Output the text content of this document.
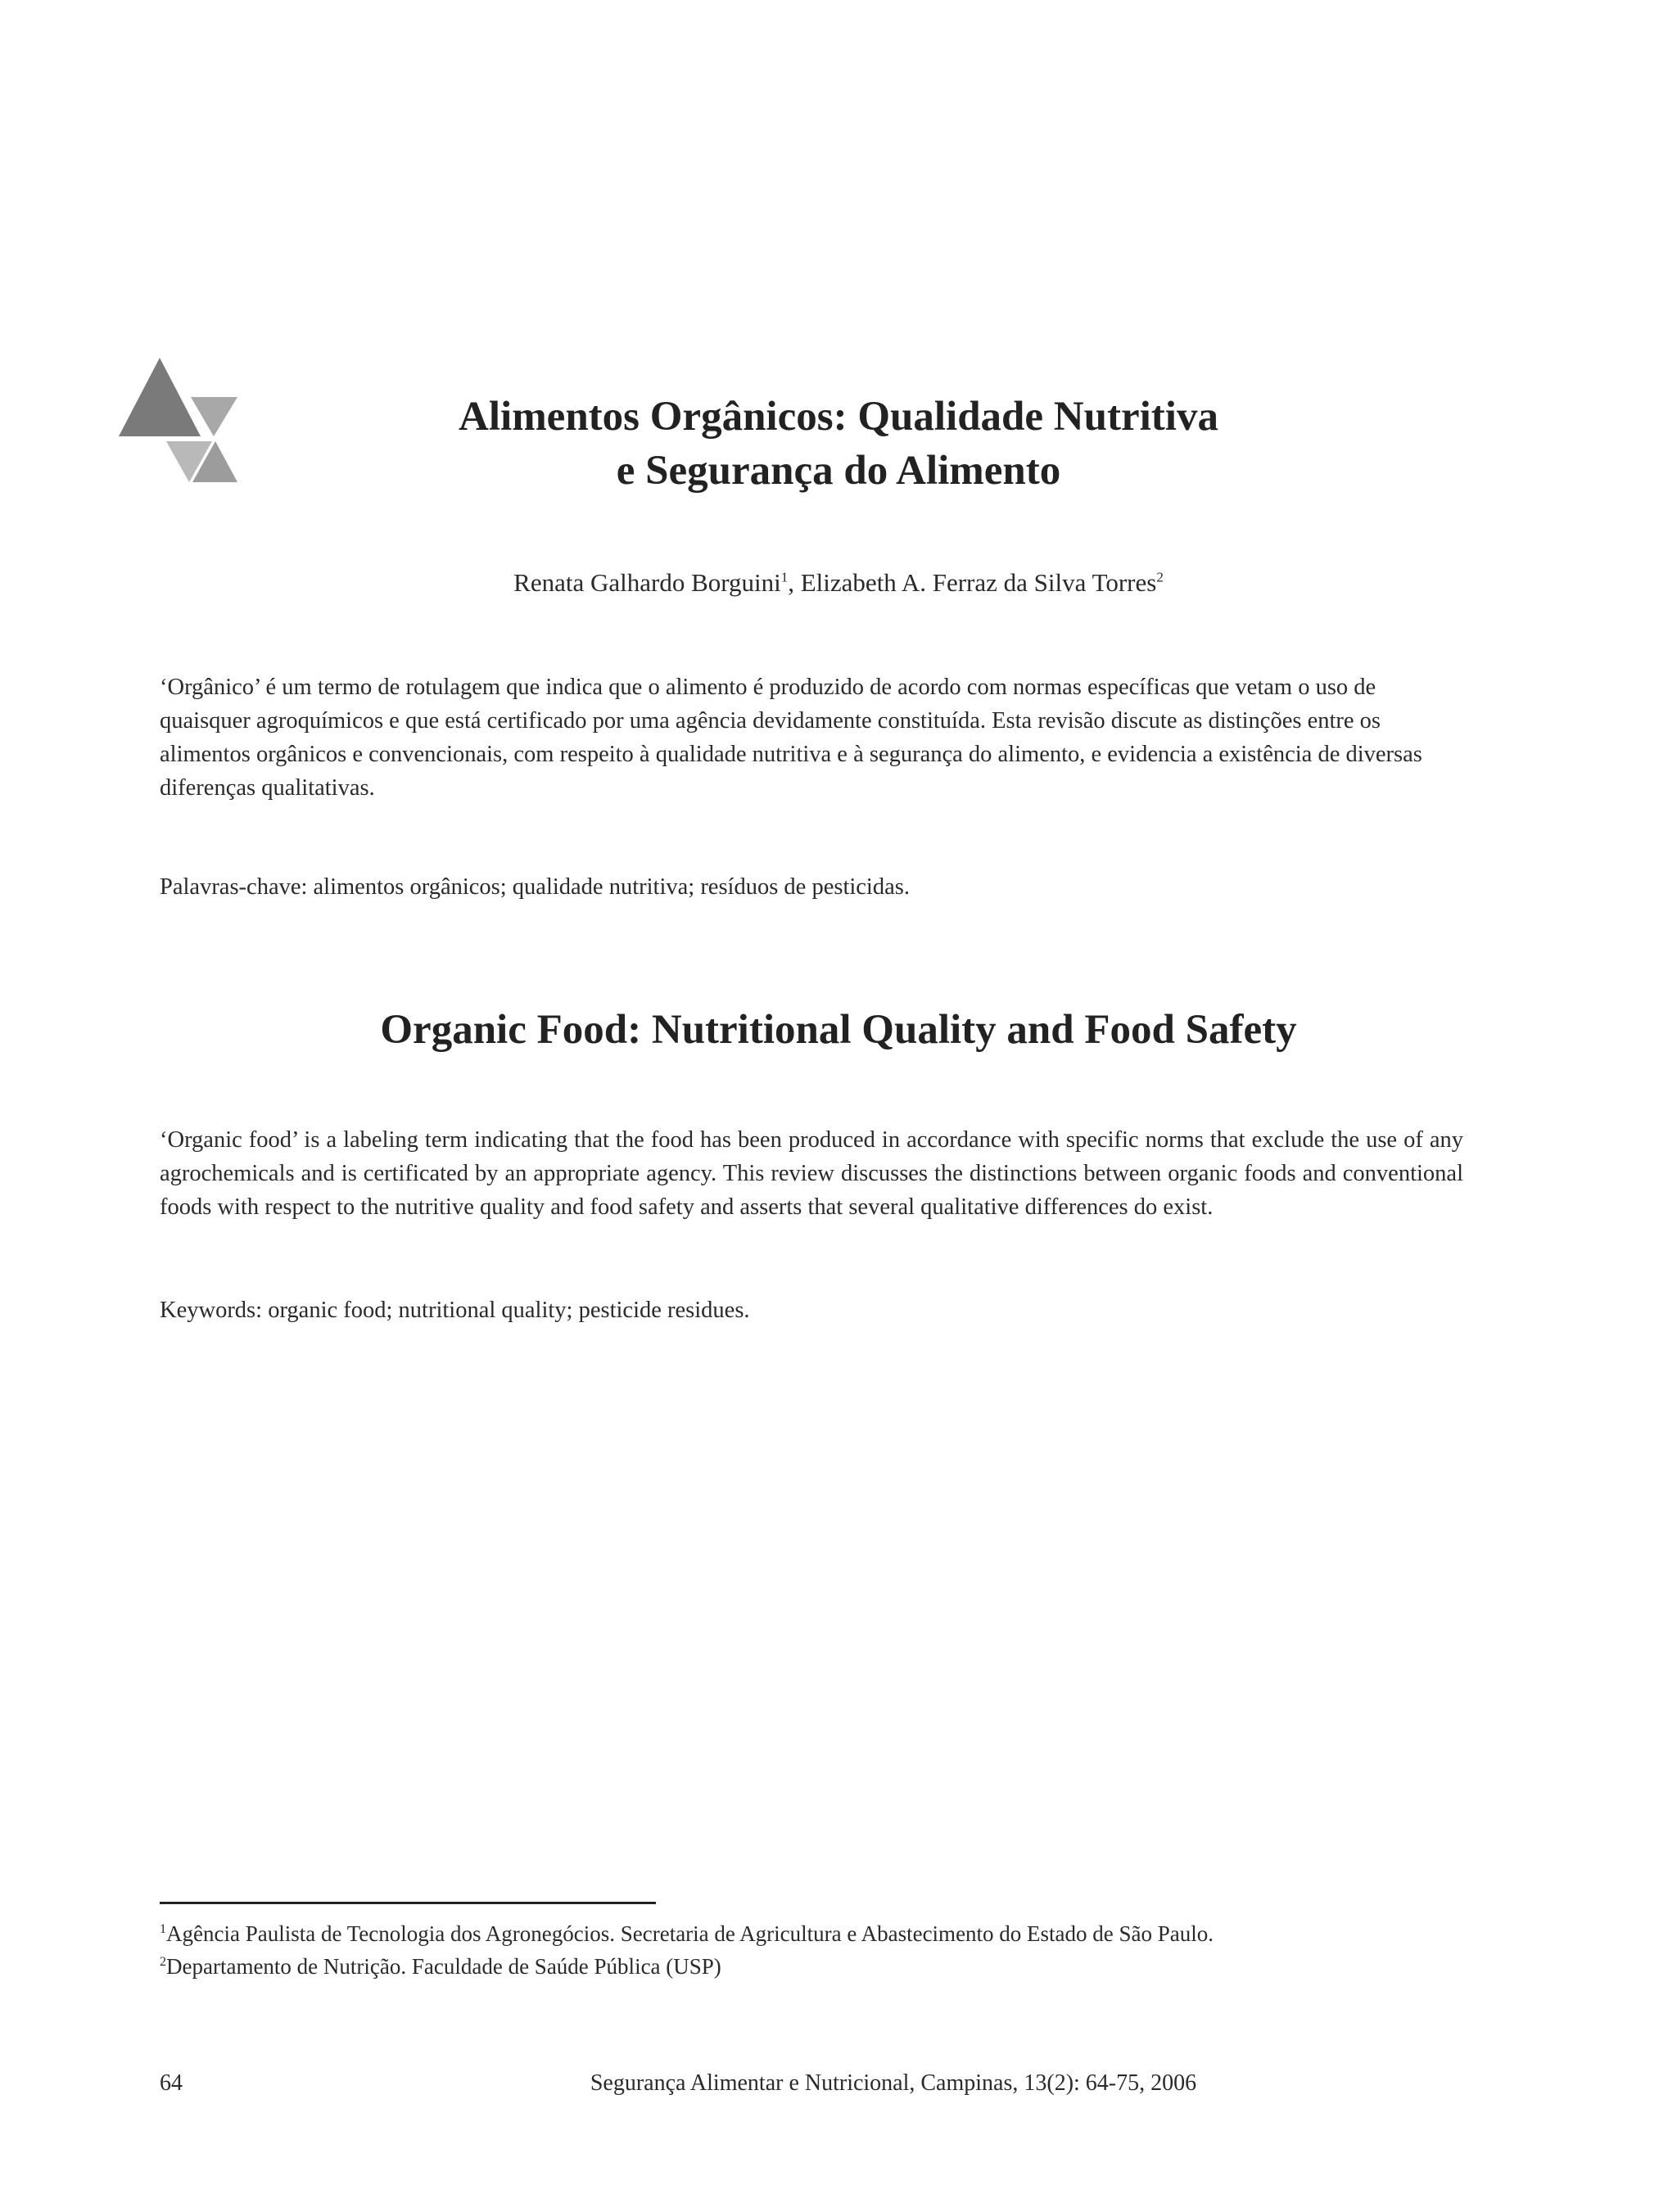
Alimentos Orgânicos: Qualidade Nutritiva
e Segurança do Alimento
Renata Galhardo Borguini$^1$, Elizabeth A. Ferraz da Silva Torres$^2$

‘Orgânico’ é um termo de rotulagem que indica que o alimento é produzido de acordo com normas específicas que vetam o uso de quaisquer agroquímicos e que está certificado por uma agência devidamente constituída. Esta revisão discute as distinções entre os alimentos orgânicos e convencionais, com respeito à qualidade nutritiva e à segurança do alimento, e evidencia a existência de diversas diferenças qualitativas.

Palavras-chave: alimentos orgânicos; qualidade nutritiva; resíduos de pesticidas.

Organic Food: Nutritional Quality and Food Safety

‘Organic food’ is a labeling term indicating that the food has been produced in accordance with specific norms that exclude the use of any agrochemicals and is certificated by an appropriate agency. This review discusses the distinctions between organic foods and conventional foods with respect to the nutritive quality and food safety and asserts that several qualitative differences do exist.

Keywords: organic food; nutritional quality; pesticide residues.

$^1$Agência Paulista de Tecnologia dos Agronegócios. Secretaria de Agricultura e Abastecimento do Estado de São Paulo.
$^2$Departamento de Nutrição. Faculdade de Saúde Pública (USP)
64	Segurança Alimentar e Nutricional, Campinas, 13(2): 64-75, 2006
